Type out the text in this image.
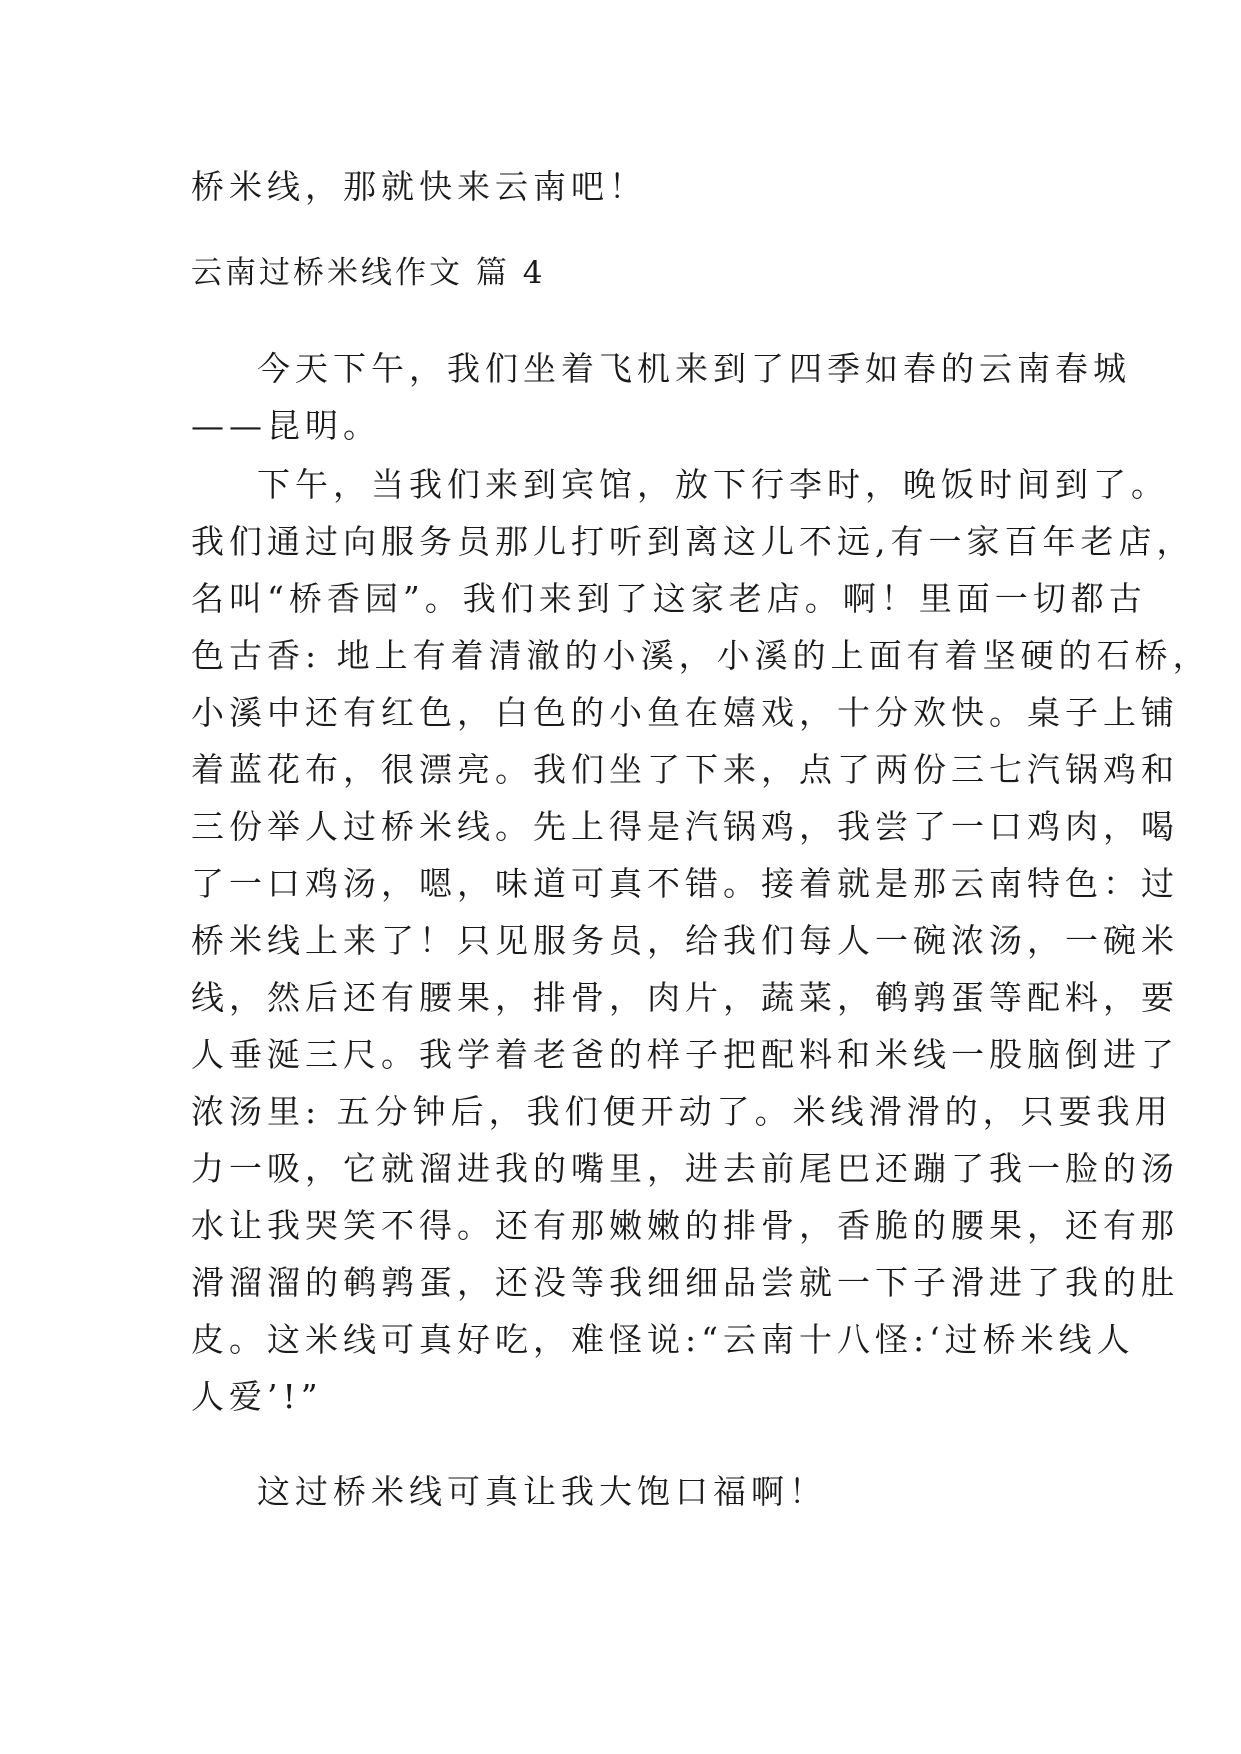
桥米线，那就快来云南吧！
云南过桥米线作文 篇 4
今天下午，我们坐着飞机来到了四季如春的云南春城
——昆明。
下午，当我们来到宾馆，放下行李时，晚饭时间到了。
我们通过向服务员那儿打听到离这儿不远,有一家百年老店，
名叫“桥香园”。我们来到了这家老店。啊！里面一切都古
色古香: 地上有着清澈的小溪，小溪的上面有着坚硬的石桥，
小溪中还有红色，白色的小鱼在嬉戏，十分欢快。桌子上铺
着蓝花布，很漂亮。我们坐了下来，点了两份三七汽锅鸡和
三份举人过桥米线。先上得是汽锅鸡，我尝了一口鸡肉，喝
了一口鸡汤，嗯，味道可真不错。接着就是那云南特色：过
桥米线上来了！只见服务员，给我们每人一碗浓汤，一碗米
线，然后还有腰果，排骨，肉片，蔬菜，鹌鹑蛋等配料，要
人垂涎三尺。我学着老爸的样子把配料和米线一股脑倒进了
浓汤里: 五分钟后，我们便开动了。米线滑滑的，只要我用
力一吸，它就溜进我的嘴里，进去前尾巴还蹦了我一脸的汤
水让我哭笑不得。还有那嫩嫩的排骨，香脆的腰果，还有那
滑溜溜的鹌鹑蛋，还没等我细细品尝就一下子滑进了我的肚
皮。这米线可真好吃，难怪说:“云南十八怪:‘过桥米线人
人爱’!”
这过桥米线可真让我大饱口福啊！
